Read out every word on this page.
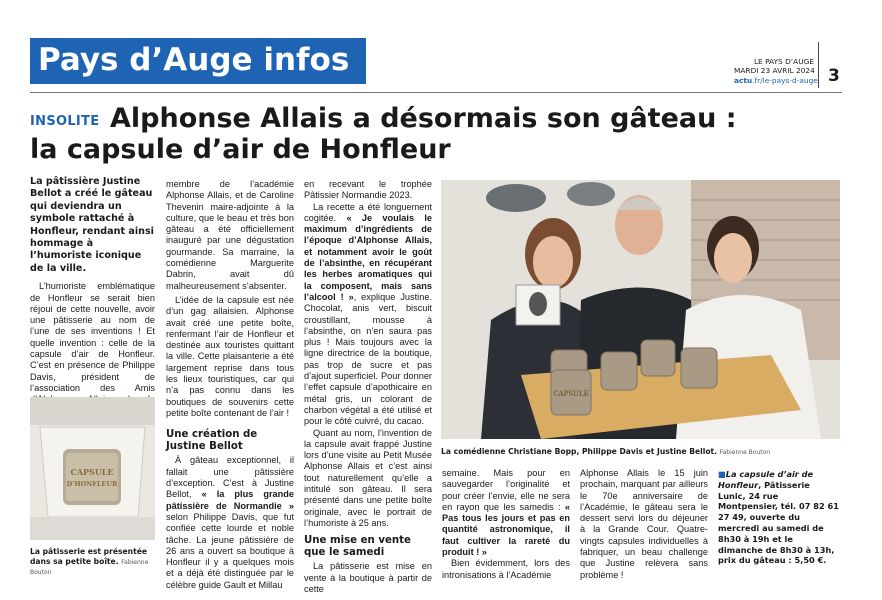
Pays d’Auge infos	LE PAYS D’AUGE
MARDI 23 AVRIL 2024
actu.fr/le-pays-d-auge 3
INSOLITE Alphonse Allais a désormais son gâteau :
la capsule d’air de Honfleur
La pâtissière Justine Bellot a créé le gâteau qui deviendra un symbole rattaché à Honfleur, rendant ainsi hommage à l’humoriste iconique de la ville.

L’humoriste emblématique de Honfleur se serait bien réjoui de cette nouvelle, avoir une pâtisserie au nom de l’une de ses inventions ! Et quelle invention : celle de la capsule d’air de Honfleur. C’est en présence de Philippe Davis, président de l’association des Amis

CAPSULE
D’HONFLEUR
La pâtisserie est présentée dans sa petite boîte. Fabienne Bouton

membre de l’académie Alphonse Allais, et de Caroline Thevenin maire-adjointe à la culture, que le beau et très bon gâteau a été officiellement inauguré par une dégustation gourmande. Sa marraine, la comédienne Marguerite Dabrin, avait dû malheureusement s’absenter.

L’idée de la capsule est née d’un gag allaisien. Alphonse avait créé une petite boîte, renfermant l’air de Honfleur et destinée aux touristes quittant la ville. Cette plaisanterie a été largement reprise dans tous les lieux touristiques, car qui n’a pas connu dans les boutiques de souvenirs cette petite boîte contenant de l’air !

Une création de Justine Bellot

À gâteau exceptionnel, il fallait une pâtissière d’exception. C’est à Justine Bellot, « la plus grande pâtissière de Normandie » selon Philippe Davis, que fut confiée cette lourde et noble tâche. La jeune pâtissière de 26 ans a ouvert sa boutique à Honfleur il y a quelques mois et a déjà été distinguée par le célèbre guide Gault et Millau

en recevant le trophée Pâtissier Normandie 2023.

La recette a été longuement cogitée. « Je voulais le maximum d’ingrédients de l’époque d’Alphonse Allais, et notamment avoir le goût de l’absinthe, en récupérant les herbes aromatiques qui la composent, mais sans l’alcool ! », explique Justine. Chocolat, anis vert, biscuit croustillant, mousse à l’absinthe, on n’en saura pas plus ! Mais toujours avec la ligne directrice de la boutique, pas trop de sucre et pas d’ajout superficiel. Pour donner l’effet capsule d’apothicaire en métal gris, un colorant de charbon végétal a été utilisé et pour le côté cuivré, du cacao.

Quant au nom, l’invention de la capsule avait frappé Justine lors d’une visite au Petit Musée Alphonse Allais et c’est ainsi tout naturellement qu’elle a intitulé son gâteau. Il sera présenté dans une petite boîte originale, avec le portrait de l’humoriste à 25 ans.

Une mise en vente que le samedi

La pâtisserie est mise en vente à la boutique à partir de cette

CAPSULE
La comédienne Christiane Bopp, Philippe Davis et Justine Bellot. Fabienne Bouton

semaine. Mais pour en sauvegarder l’originalité et pour créer l’envie, elle ne sera en rayon que les samedis : « Pas tous les jours et pas en quantité astronomique, il faut cultiver la rareté du produit ! »

Bien évidemment, lors des intronisations à l’Académie

Alphonse Allais le 15 juin prochain, marquant par ailleurs le 70e anniversaire de l’Académie, le gâteau sera le dessert servi lors du déjeuner à la Grande Cour. Quatre-vingts capsules individuelles à fabriquer, un beau challenge que Justine relèvera sans problème !

■La capsule d’air de Honfleur, Pâtisserie Lunic, 24 rue Montpensier, tél. 07 82 61 27 49, ouverte du mercredi au samedi de 8h30 à 19h et le dimanche de 8h30 à 13h, prix du gâteau : 5,50 €.
